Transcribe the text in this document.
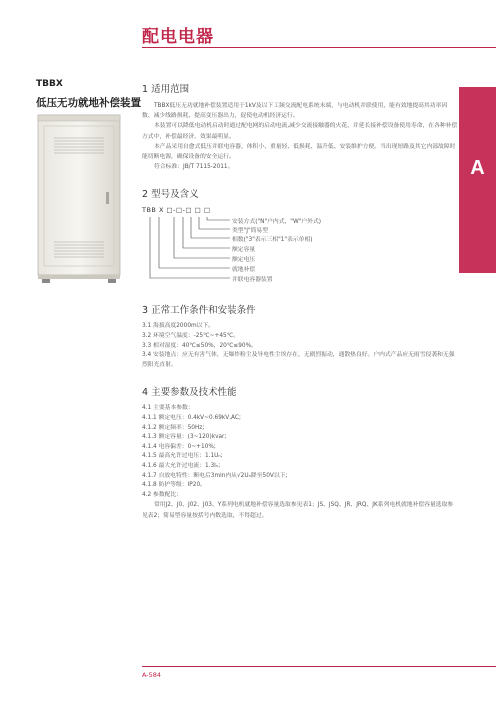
配电电器
TBBX
低压无功就地补偿装置
A
1 适用范围

TBBX低压无功就地补偿装置适用于1kV及以下工频交流配电系统末端，与电动机并联使用，能有效地提高其功率因数、减少线路损耗、提高变压器出力，促使电动机经济运行。

本装置可以降低电动机启动时通过配电网的启动电流,减少交流接触器的火花，并延长接补偿设备使用寿命，在各种补偿方式中，补偿最经济，效果最明显。

本产品采用自愈式低压并联电容器，体积小、重量轻、低损耗、温升低、安装维护方便。当出现短路及其它内部故障时能切断电源，确保设备的安全运行。

符合标准：JB/T 7115-2011。

2 型号及含义
TBB X □-□-□ □ □
安装方式("N"户内式，"W"户外式)
类型"J"简易型
相数("3"表示三相"1"表示单相)
额定容量
额定电压
就地补偿
并联电容器装置
3 正常工作条件和安装条件

3.1 海拔高度2000m以下。

3.2 环境空气温度：-25℃~+45℃。

3.3 相对湿度：40℃≤50%，20℃≤90%。

3.4 安装地点：应无有害气体，无爆炸粉尘及导电性尘埃存在，无剧烈振动，通散热良好。户内式产品应无雨雪侵袭和无强烈阳光直射。

4 主要参数及技术性能

4.1 主要基本参数：

4.1.1 额定电压：0.4kV~0.69kV,AC;

4.1.2 额定频率：50Hz;

4.1.3 额定容量：(3~120)kvar;

4.1.4 电容偏差：0~+10%;

4.1.5 最高允许过电压：1.1Uₙ;

4.1.6 最大允许过电流：1.3Iₙ;

4.1.7 自放电特性：断电后3min内从√2Uₙ降至50V以下;

4.1.8 防护等级：IP20。

4.2 参数配比：

常用J2、J0、J02、J03、Y系列电机就地补偿容量选取参见表1；JS、JSQ、JR、JRQ、JK系列电机就地补偿容量选取参见表2；简易型容量按括号内数选取，不得超过。

A-584
